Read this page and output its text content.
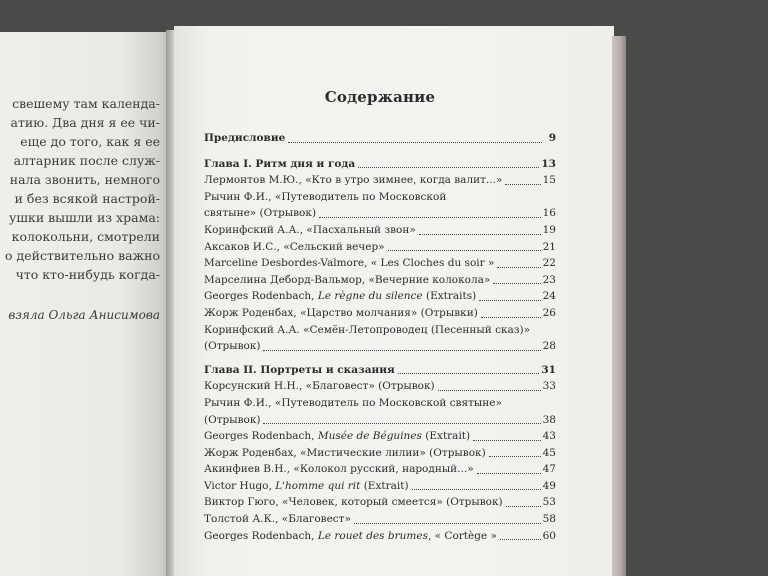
свешему там календа-
атию. Два дня я ее чи-
еще до того, как я ее
алтарник после служ-
нала звонить, немного
и без всякой настрой-
ушки вышли из храма:
колокольни, смотрели
о действительно важно
что кто-нибудь когда-
взяла Ольга Анисимова
Содержание
Предисловие	9
Глава I. Ритм дня и года	13
Лермонтов М.Ю., «Кто в утро зимнее, когда валит...»	15
Рычин Ф.И., «Путеводитель по Московской
святыне» (Отрывок)	16
Коринфский А.А., «Пасхальный звон»	19
Аксаков И.С., «Сельский вечер»	21
Marceline Desbordes-Valmore, « Les Cloches du soir »	22
Марселина Деборд-Вальмор, «Вечерние колокола»	23
Georges Rodenbach, Le règne du silence (Extraits)	24
Жорж Роденбах, «Царство молчания» (Отрывки)	26
Коринфский А.А. «Семён-Летопроводец (Песенный сказ)»
(Отрывок)	28
Глава II. Портреты и сказания	31
Корсунский Н.Н., «Благовест» (Отрывок)	33
Рычин Ф.И., «Путеводитель по Московской святыне»
(Отрывок)	38
Georges Rodenbach, Musée de Béguines (Extrait)	43
Жорж Роденбах, «Мистические лилии» (Отрывок)	45
Акинфиев В.Н., «Колокол русский, народный...»	47
Victor Hugo, L'homme qui rit (Extrait)	49
Виктор Гюго, «Человек, который смеется» (Отрывок)	53
Толстой А.К., «Благовест»	58
Georges Rodenbach, Le rouet des brumes, « Cortège »	60
